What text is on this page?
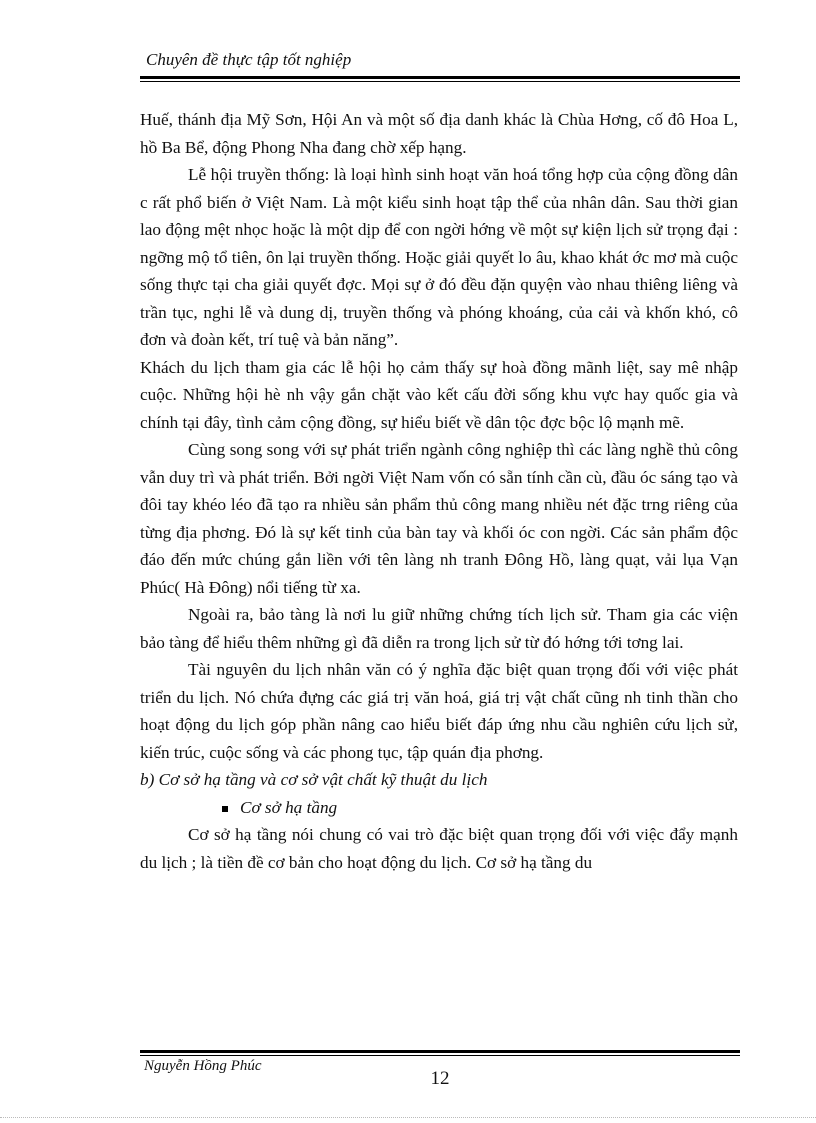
Chuyên đề thực tập tốt nghiệp

Huế, thánh địa Mỹ Sơn, Hội An và một số địa danh khác là Chùa Hơng, cố đô Hoa L, hồ Ba Bể, động Phong Nha đang chờ xếp hạng.

Lễ hội truyền thống: là loại hình sinh hoạt văn hoá tổng hợp của cộng đồng dân c rất phổ biến ở Việt Nam. Là một kiểu sinh hoạt tập thể của nhân dân. Sau thời gian lao động mệt nhọc hoặc là một dịp để con ngời hớng về một sự kiện lịch sử trọng đại : ngỡng mộ tổ tiên, ôn lại truyền thống. Hoặc giải quyết lo âu, khao khát ớc mơ mà cuộc sống thực tại cha giải quyết đợc. Mọi sự ở đó đều đặn quyện vào nhau thiêng liêng và trần tục, nghi lễ và dung dị, truyền thống và phóng khoáng, của cải và khốn khó, cô đơn và đoàn kết, trí tuệ và bản năng”.

Khách du lịch tham gia các lễ hội họ cảm thấy sự hoà đồng mãnh liệt, say mê nhập cuộc. Những hội hè nh vậy gắn chặt vào kết cấu đời sống khu vực hay quốc gia và chính tại đây, tình cảm cộng đồng, sự hiểu biết về dân tộc đợc bộc lộ mạnh mẽ.

Cùng song song với sự phát triển ngành công nghiệp thì các làng nghề thủ công vẫn duy trì và phát triển. Bởi ngời Việt Nam vốn có sẵn tính cần cù, đầu óc sáng tạo và đôi tay khéo léo đã tạo ra nhiều sản phẩm thủ công mang nhiều nét đặc trng riêng của từng địa phơng. Đó là sự kết tinh của bàn tay và khối óc con ngời. Các sản phẩm độc đáo đến mức chúng gắn liền với tên làng nh tranh Đông Hồ, làng quạt, vải lụa Vạn Phúc( Hà Đông) nổi tiếng từ xa.

Ngoài ra, bảo tàng là nơi lu giữ những chứng tích lịch sử. Tham gia các viện bảo tàng để hiểu thêm những gì đã diễn ra trong lịch sử từ đó hớng tới tơng lai.

Tài nguyên du lịch nhân văn có ý nghĩa đặc biệt quan trọng đối với việc phát triển du lịch. Nó chứa đựng các giá trị văn hoá, giá trị vật chất cũng nh tinh thần cho hoạt động du lịch góp phần nâng cao hiểu biết đáp ứng nhu cầu nghiên cứu lịch sử, kiến trúc, cuộc sống và các phong tục, tập quán địa phơng.

b) Cơ sở hạ tầng và cơ sở vật chất kỹ thuật du lịch

Cơ sở hạ tầng

Cơ sở hạ tầng nói chung có vai trò đặc biệt quan trọng đối với việc đẩy mạnh du lịch ; là tiền đề cơ bản cho hoạt động du lịch. Cơ sở hạ tầng du

Nguyễn Hồng Phúc
12
